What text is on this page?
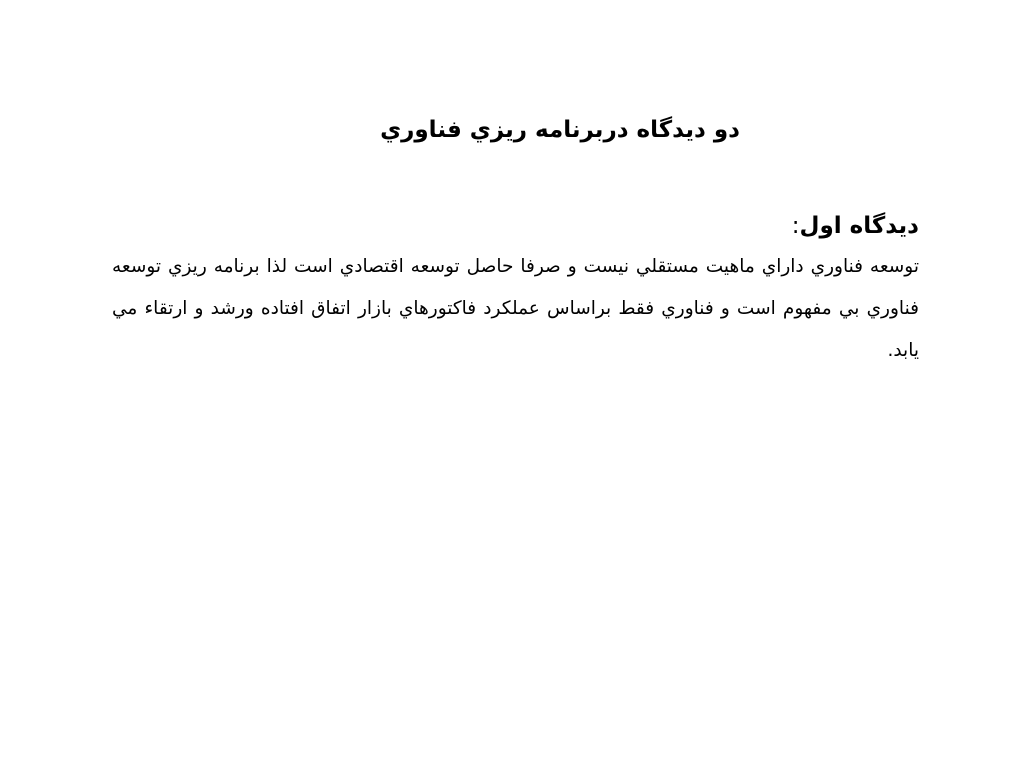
دو ديدگاه دربرنامه ريزي فناوري
ديدگاه اول:

توسعه فناوري داراي ماهيت مستقلي نيست و صرفا حاصل توسعه اقتصادي است لذا برنامه ريزي توسعه فناوري بي مفهوم است و فناوري فقط براساس عملكرد فاكتورهاي بازار اتفاق افتاده ورشد و ارتقاء مي يابد.
